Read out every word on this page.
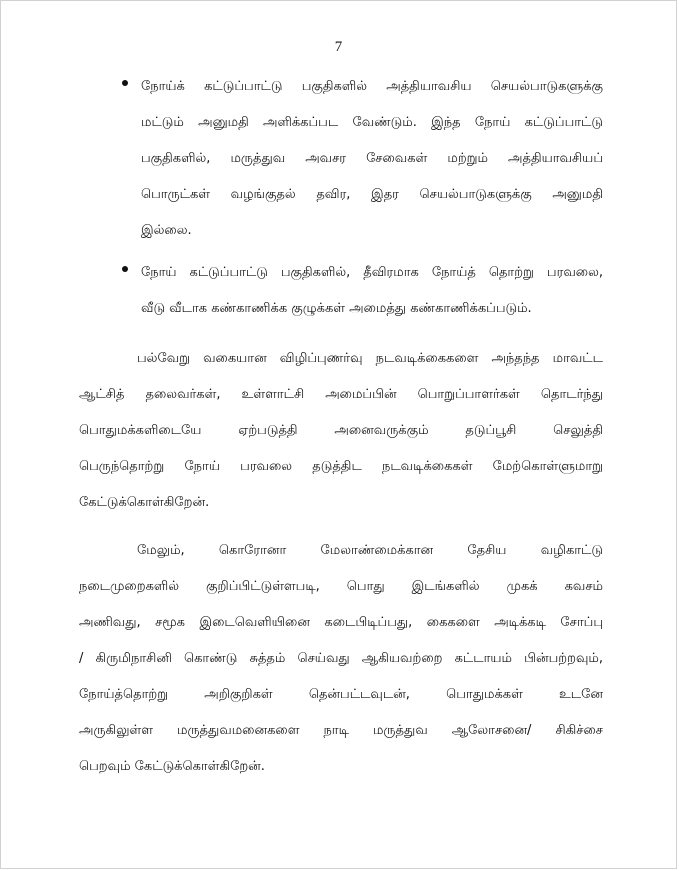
7
நோய்க் கட்டுப்பாட்டு பகுதிகளில் அத்தியாவசிய செயல்பாடுகளுக்கு
மட்டும் அனுமதி அளிக்கப்பட வேண்டும். இந்த நோய் கட்டுப்பாட்டு
பகுதிகளில், மருத்துவ அவசர சேவைகள் மற்றும் அத்தியாவசியப்
பொருட்கள் வழங்குதல் தவிர, இதர செயல்பாடுகளுக்கு அனுமதி
இல்லை.
நோய் கட்டுப்பாட்டு பகுதிகளில், தீவிரமாக நோய்த் தொற்று பரவலை,
வீடு வீடாக கண்காணிக்க குழுக்கள் அமைத்து கண்காணிக்கப்படும்.
பல்வேறு வகையான விழிப்புணர்வு நடவடிக்கைகளை அந்தந்த மாவட்ட
ஆட்சித் தலைவர்கள், உள்ளாட்சி அமைப்பின் பொறுப்பாளர்கள் தொடர்ந்து
பொதுமக்களிடையே ஏற்படுத்தி அனைவருக்கும் தடுப்பூசி செலுத்தி
பெருந்தொற்று நோய் பரவலை தடுத்திட நடவடிக்கைகள் மேற்கொள்ளுமாறு
கேட்டுக்கொள்கிறேன்.
மேலும், கொரோனா மேலாண்மைக்கான தேசிய வழிகாட்டு
நடைமுறைகளில் குறிப்பிட்டுள்ளபடி, பொது இடங்களில் முகக் கவசம்
அணிவது, சமூக இடைவெளியினை கடைபிடிப்பது, கைகளை அடிக்கடி சோப்பு
/ கிருமிநாசினி கொண்டு சுத்தம் செய்வது ஆகியவற்றை கட்டாயம் பின்பற்றவும்,
நோய்த்தொற்று அறிகுறிகள் தென்பட்டவுடன், பொதுமக்கள் உடனே
அருகிலுள்ள மருத்துவமனைகளை நாடி மருத்துவ ஆலோசனை/ சிகிச்சை
பெறவும் கேட்டுக்கொள்கிறேன்.
